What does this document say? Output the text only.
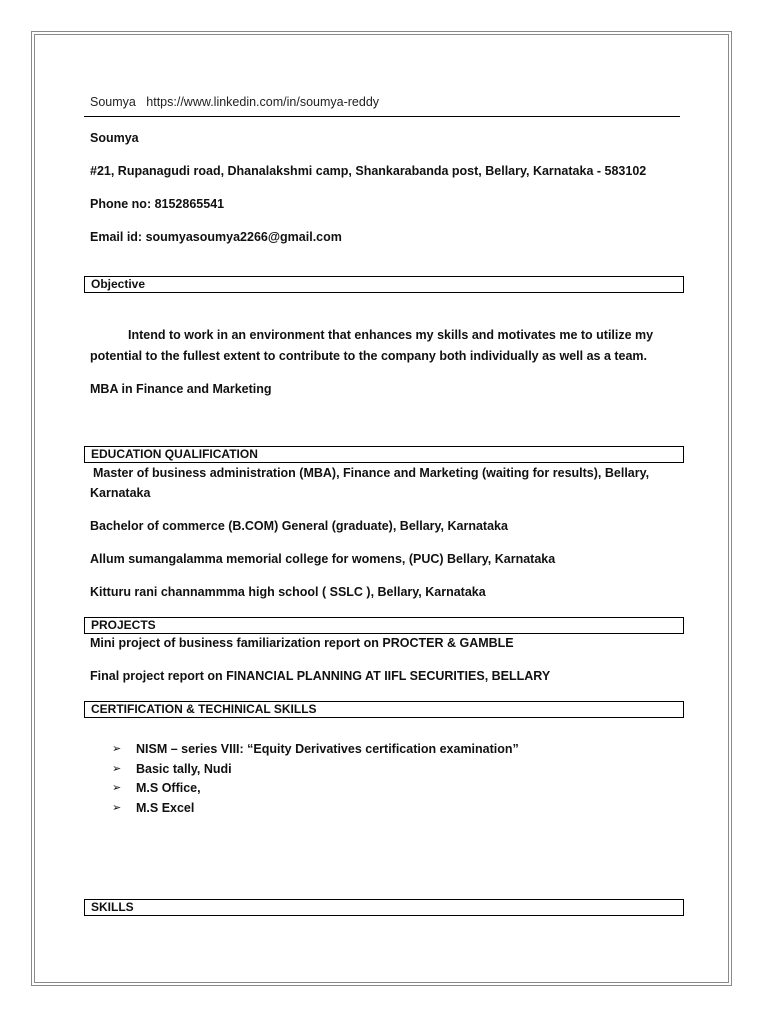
Soumya https://www.linkedin.com/in/soumya-reddy
Soumya
#21, Rupanagudi road, Dhanalakshmi camp, Shankarabanda post, Bellary, Karnataka - 583102
Phone no: 8152865541
Email id: soumyasoumya2266@gmail.com
Objective
Intend to work in an environment that enhances my skills and motivates me to utilize my
potential to the fullest extent to contribute to the company both individually as well as a team.
MBA in Finance and Marketing
EDUCATION QUALIFICATION
Master of business administration (MBA), Finance and Marketing (waiting for results), Bellary,
Karnataka
Bachelor of commerce (B.COM) General (graduate), Bellary, Karnataka
Allum sumangalamma memorial college for womens, (PUC) Bellary, Karnataka
Kitturu rani channammma high school ( SSLC ), Bellary, Karnataka
PROJECTS
Mini project of business familiarization report on PROCTER & GAMBLE
Final project report on FINANCIAL PLANNING AT IIFL SECURITIES, BELLARY
CERTIFICATION & TECHINICAL SKILLS
➢	NISM – series VIII: “Equity Derivatives certification examination”
➢	Basic tally, Nudi
➢	M.S Office,
➢	M.S Excel
SKILLS
